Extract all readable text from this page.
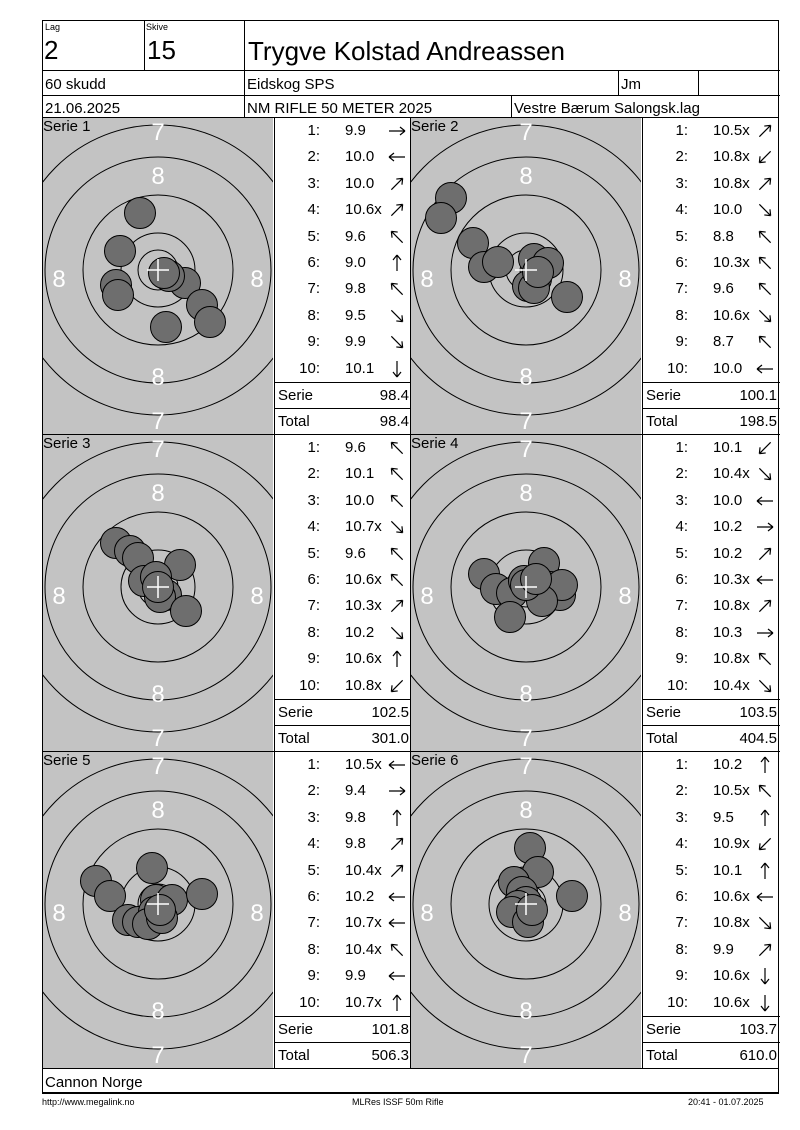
Lag
2
Skive
15	Trygve Kolstad Andreassen
60 skudd	Eidskog SPS	Jm
21.06.2025	NM RIFLE 50 METER 2025	Vestre Bærum Salongsk.lag
7
7
8
8
8	8
Serie 1	1: 9.9
2: 10.0
3: 10.0
4: 10.6x
5: 9.6
6: 9.0
7: 9.8
8: 9.5
9: 9.9
10: 10.1
Serie	98.4
Total	98.4
7
7
8
8
8	8
Serie 2	1: 10.5x
2: 10.8x
3: 10.8x
4: 10.0
5: 8.8
6: 10.3x
7: 9.6
8: 10.6x
9: 8.7
10: 10.0
Serie	100.1
Total	198.5
7
7
8
8
8	8
Serie 3	1: 9.6
2: 10.1
3: 10.0
4: 10.7x
5: 9.6
6: 10.6x
7: 10.3x
8: 10.2
9: 10.6x
10: 10.8x
Serie	102.5
Total	301.0
7
7
8
8
8	8
Serie 4	1: 10.1
2: 10.4x
3: 10.0
4: 10.2
5: 10.2
6: 10.3x
7: 10.8x
8: 10.3
9: 10.8x
10: 10.4x
Serie	103.5
Total	404.5
7
7
8
8
8	8
Serie 5	1: 10.5x
2: 9.4
3: 9.8
4: 9.8
5: 10.4x
6: 10.2
7: 10.7x
8: 10.4x
9: 9.9
10: 10.7x
Serie	101.8
Total	506.3
7
7
8
8
8	8
Serie 6	1: 10.2
2: 10.5x
3: 9.5
4: 10.9x
5: 10.1
6: 10.6x
7: 10.8x
8: 9.9
9: 10.6x
10: 10.6x
Serie	103.7
Total	610.0
Cannon Norge
http://www.megalink.no	MLRes ISSF 50m Rifle	20:41 - 01.07.2025
